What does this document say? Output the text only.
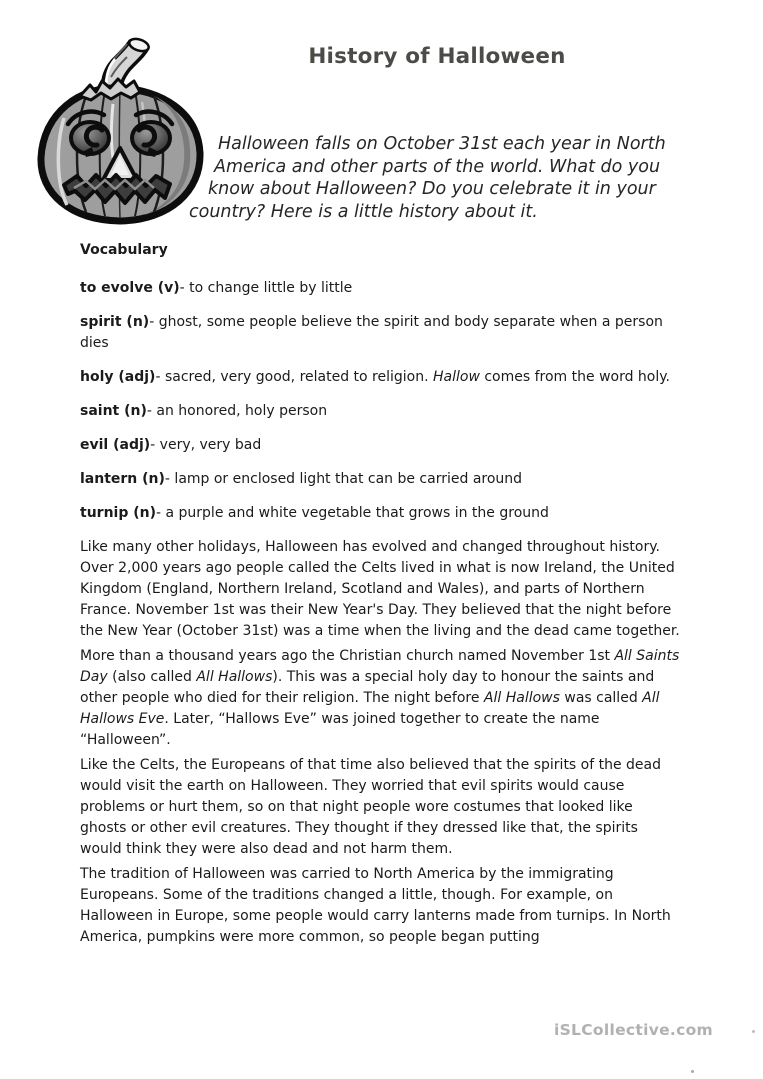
History of Halloween
Halloween falls on October 31st each year in North
America and other parts of the world. What do you
know about Halloween? Do you celebrate it in your
country? Here is a little history about it.
Vocabulary
to evolve (v)- to change little by little
spirit (n)- ghost, some people believe the spirit and body separate when a person dies
holy (adj)- sacred, very good, related to religion. Hallow comes from the word holy.
saint (n)- an honored, holy person
evil (adj)- very, very bad
lantern (n)- lamp or enclosed light that can be carried around
turnip (n)- a purple and white vegetable that grows in the ground

Like many other holidays, Halloween has evolved and changed throughout history. Over 2,000 years ago people called the Celts lived in what is now Ireland, the United Kingdom (England, Northern Ireland, Scotland and Wales), and parts of Northern France. November 1st was their New Year's Day. They believed that the night before the New Year (October 31st) was a time when the living and the dead came together.

More than a thousand years ago the Christian church named November 1st All Saints Day (also called All Hallows). This was a special holy day to honour the saints and other people who died for their religion. The night before All Hallows was called All Hallows Eve. Later, “Hallows Eve” was joined together to create the name “Halloween”.

Like the Celts, the Europeans of that time also believed that the spirits of the dead would visit the earth on Halloween. They worried that evil spirits would cause problems or hurt them, so on that night people wore costumes that looked like ghosts or other evil creatures. They thought if they dressed like that, the spirits would think they were also dead and not harm them.

The tradition of Halloween was carried to North America by the immigrating Europeans. Some of the traditions changed a little, though. For example, on Halloween in Europe, some people would carry lanterns made from turnips. In North America, pumpkins were more common, so people began putting

iSLCollective.com
